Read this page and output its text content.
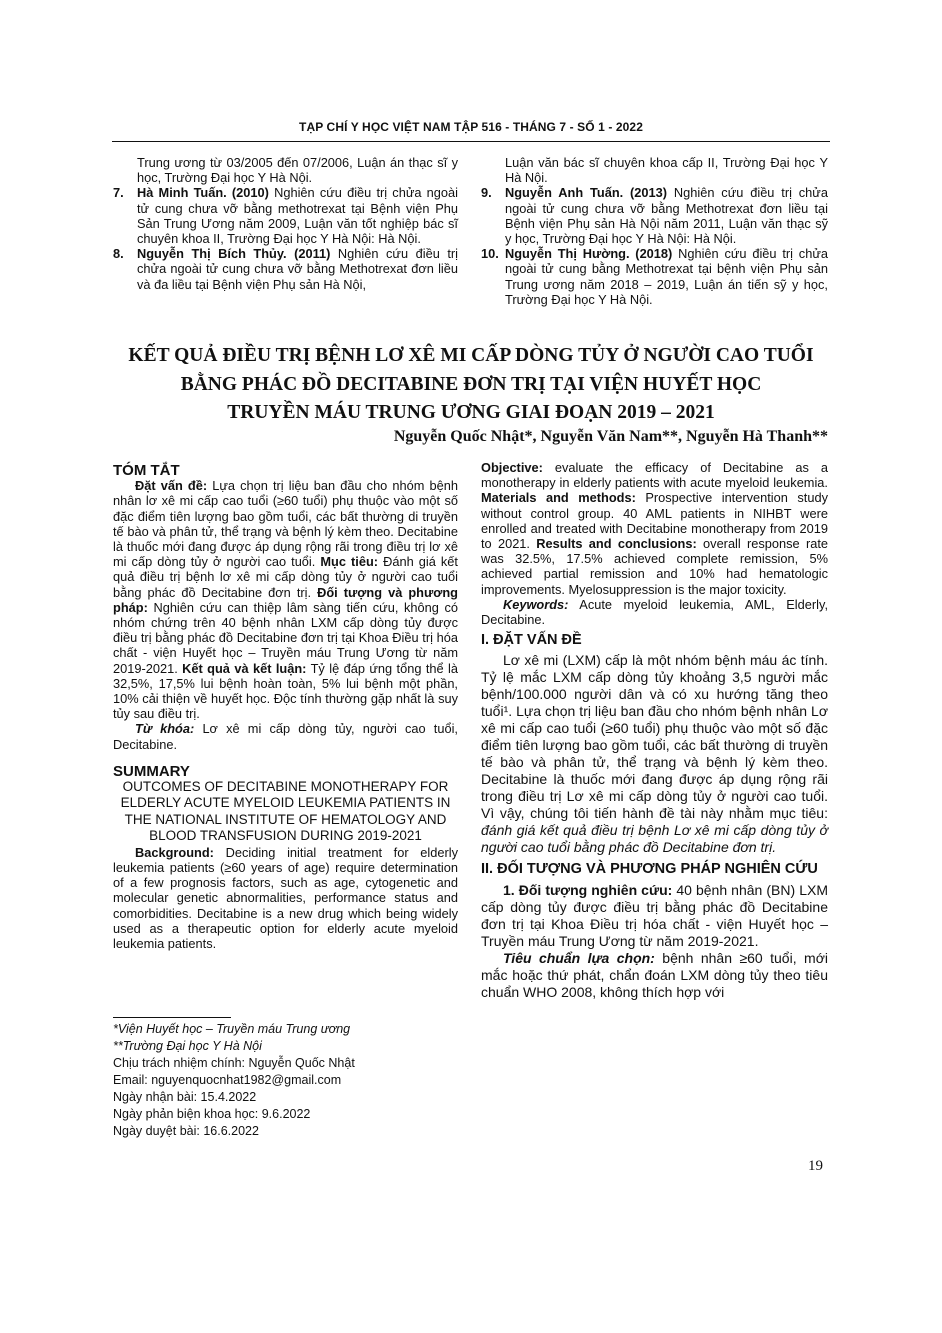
TẠP CHÍ Y HỌC VIỆT NAM TẬP 516 - THÁNG 7 - SỐ 1 - 2022
Trung ương từ 03/2005 đến 07/2006, Luận án thạc sĩ y học, Trường Đại học Y Hà Nội.
7.	Hà Minh Tuấn. (2010) Nghiên cứu điều trị chửa ngoài tử cung chưa vỡ bằng methotrexat tại Bệnh viện Phụ Sản Trung Ương năm 2009, Luận văn tốt nghiệp bác sĩ chuyên khoa II, Trường Đại học Y Hà Nội: Hà Nội.
8.	Nguyễn Thị Bích Thủy. (2011) Nghiên cứu điều trị chửa ngoài tử cung chưa vỡ bằng Methotrexat đơn liều và đa liều tại Bệnh viện Phụ sản Hà Nội,
Luận văn bác sĩ chuyên khoa cấp II, Trường Đại học Y Hà Nội.
9.	Nguyễn Anh Tuấn. (2013) Nghiên cứu điều trị chửa ngoài tử cung chưa vỡ bằng Methotrexat đơn liều tại Bệnh viện Phụ sản Hà Nội năm 2011, Luận văn thạc sỹ y học, Trường Đại học Y Hà Nội: Hà Nội.
10. Nguyễn Thị Hường. (2018) Nghiên cứu điều trị chửa ngoài tử cung bằng Methotrexat tại bệnh viện Phụ sản Trung ương năm 2018 – 2019, Luận án tiến sỹ y học, Trường Đại học Y Hà Nội.
KẾT QUẢ ĐIỀU TRỊ BỆNH LƠ XÊ MI CẤP DÒNG TỦY Ở NGƯỜI CAO TUỔI
BẰNG PHÁC ĐỒ DECITABINE ĐƠN TRỊ TẠI VIỆN HUYẾT HỌC
TRUYỀN MÁU TRUNG ƯƠNG GIAI ĐOẠN 2019 – 2021
Nguyễn Quốc Nhật*, Nguyễn Văn Nam**, Nguyễn Hà Thanh**

TÓM TẮT

Đặt vấn đề: Lựa chọn trị liệu ban đầu cho nhóm bệnh nhân lơ xê mi cấp cao tuổi (≥60 tuổi) phụ thuộc vào một số đặc điểm tiên lượng bao gồm tuổi, các bất thường di truyền tế bào và phân tử, thể trạng và bệnh lý kèm theo. Decitabine là thuốc mới đang được áp dụng rộng rãi trong điều trị lơ xê mi cấp dòng tủy ở người cao tuổi. Mục tiêu: Đánh giá kết quả điều trị bệnh lơ xê mi cấp dòng tủy ở người cao tuổi bằng phác đồ Decitabine đơn trị. Đối tượng và phương pháp: Nghiên cứu can thiệp lâm sàng tiến cứu, không có nhóm chứng trên 40 bệnh nhân LXM cấp dòng tủy được điều trị bằng phác đồ Decitabine đơn trị tại Khoa Điều trị hóa chất - viện Huyết học – Truyền máu Trung Ương từ năm 2019-2021. Kết quả và kết luận: Tỷ lệ đáp ứng tổng thể là 32,5%, 17,5% lui bệnh hoàn toàn, 5% lui bệnh một phần, 10% cải thiện về huyết học. Độc tính thường gặp nhất là suy tủy sau điều trị.

Từ khóa: Lơ xê mi cấp dòng tủy, người cao tuổi, Decitabine.

SUMMARY

OUTCOMES OF DECITABINE MONOTHERAPY FOR ELDERLY ACUTE MYELOID LEUKEMIA PATIENTS IN THE NATIONAL INSTITUTE OF HEMATOLOGY AND BLOOD TRANSFUSION DURING 2019-2021

Background: Deciding initial treatment for elderly leukemia patients (≥60 years of age) require determination of a few prognosis factors, such as age, cytogenetic and molecular genetic abnormalities, performance status and comorbidities. Decitabine is a new drug which being widely used as a therapeutic option for elderly acute myeloid leukemia patients.

*Viện Huyết học – Truyền máu Trung ương

**Trường Đại học Y Hà Nội

Chịu trách nhiệm chính: Nguyễn Quốc Nhật

Email: nguyenquocnhat1982@gmail.com

Ngày nhận bài: 15.4.2022

Ngày phản biện khoa học: 9.6.2022

Ngày duyệt bài: 16.6.2022

Objective: evaluate the efficacy of Decitabine as a monotherapy in elderly patients with acute myeloid leukemia. Materials and methods: Prospective intervention study without control group. 40 AML patients in NIHBT were enrolled and treated with Decitabine monotherapy from 2019 to 2021. Results and conclusions: overall response rate was 32.5%, 17.5% achieved complete remission, 5% achieved partial remission and 10% had hematologic improvements. Myelosuppression is the major toxicity.

Keywords: Acute myeloid leukemia, AML, Elderly, Decitabine.

I. ĐẶT VẤN ĐỀ

Lơ xê mi (LXM) cấp là một nhóm bệnh máu ác tính. Tỷ lệ mắc LXM cấp dòng tủy khoảng 3,5 người mắc bệnh/100.000 người dân và có xu hướng tăng theo tuổi¹. Lựa chọn trị liệu ban đầu cho nhóm bệnh nhân Lơ xê mi cấp cao tuổi (≥60 tuổi) phụ thuộc vào một số đặc điểm tiên lượng bao gồm tuổi, các bất thường di truyền tế bào và phân tử, thể trạng và bệnh lý kèm theo. Decitabine là thuốc mới đang được áp dụng rộng rãi trong điều trị Lơ xê mi cấp dòng tủy ở người cao tuổi. Vì vậy, chúng tôi tiến hành đề tài này nhằm mục tiêu: đánh giá kết quả điều trị bệnh Lơ xê mi cấp dòng tủy ở người cao tuổi bằng phác đồ Decitabine đơn trị.

II. ĐỐI TƯỢNG VÀ PHƯƠNG PHÁP NGHIÊN CỨU

1. Đối tượng nghiên cứu: 40 bệnh nhân (BN) LXM cấp dòng tủy được điều trị bằng phác đồ Decitabine đơn trị tại Khoa Điều trị hóa chất - viện Huyết học – Truyền máu Trung Ương từ năm 2019-2021.

Tiêu chuẩn lựa chọn: bệnh nhân ≥60 tuổi, mới mắc hoặc thứ phát, chẩn đoán LXM dòng tủy theo tiêu chuẩn WHO 2008, không thích hợp với

19
